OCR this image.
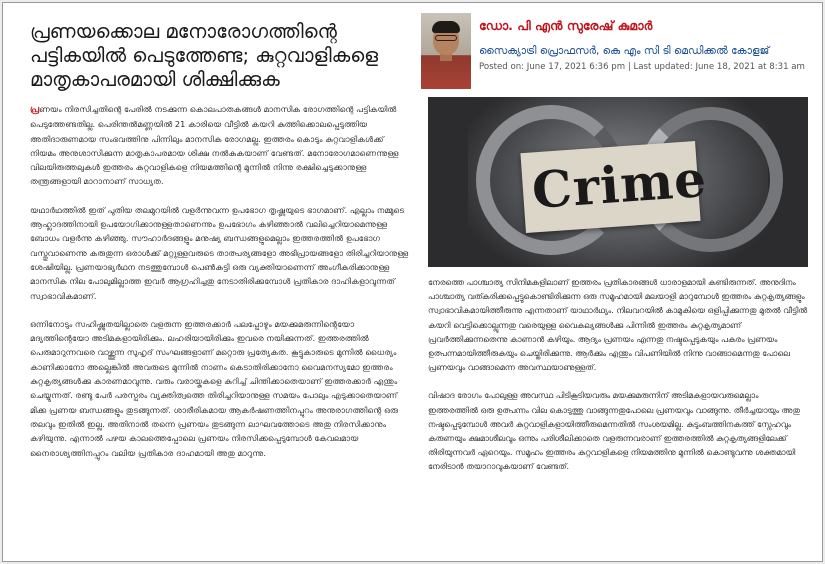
പ്രണയക്കൊല മനോരോഗത്തിന്റെ പട്ടികയിൽ പെടുത്തേണ്ട; കുറ്റവാളികളെ മാതൃകാപരമായി ശിക്ഷിക്കുക
ഡോ. പി എൻ സുരേഷ് കുമാർ
സൈക്യാട്രി പ്രൊഫസർ, കെ എം സി ടി മെഡിക്കൽ കോളജ്
Posted on: June 17, 2021 6:36 pm | Last updated: June 18, 2021 at 8:31 am

പ്രണയം നിരസിച്ചതിന്റെ പേരിൽ നടക്കുന്ന കൊലപാതകങ്ങൾ മാനസിക രോഗത്തിന്റെ പട്ടികയിൽ പെടുത്തേണ്ടതില്ല. പെരിന്തൽമണ്ണയിൽ 21 കാരിയെ വീട്ടിൽ കയറി കുത്തിക്കൊലപ്പെടുത്തിയ അതിദാരുണമായ സംഭവത്തിനു പിന്നിലും മാനസിക രോഗമല്ല. ഇത്തരം കൊടും കുറ്റവാളികൾക്ക് നിയമം അനുശാസിക്കുന്ന മാതൃകാപരമായ ശിക്ഷ നൽകുകയാണ് വേണ്ടത്. മനോരോഗമാണെന്നുള്ള വിലയിരുത്തലുകൾ ഇത്തരം കുറ്റവാളികളെ നിയമത്തിന്റെ മുന്നിൽ നിന്നു രക്ഷിച്ചെടുക്കാനുള്ള തന്ത്രങ്ങളായി മാറാനാണ് സാധ്യത.

യഥാർഥത്തിൽ ഇത് പുതിയ തലമുറയിൽ വളർന്നുവന്ന ഉപഭോഗ തൃഷ്ണയുടെ ഭാഗമാണ്. എല്ലാം നമ്മുടെ ആഹ്ലാദത്തിനായി ഉപയോഗിക്കാനുള്ളതാണെന്നും ഉപഭോഗം കഴിഞ്ഞാൽ വലിച്ചെറിയാമെന്നുള്ള ബോധം വളർന്നു കഴിഞ്ഞു. സൗഹാർദങ്ങളും മനുഷ്യ ബന്ധങ്ങളുമെല്ലാം ഇത്തരത്തിൽ ഉപഭോഗ വസ്തുവാണെന്നു കരുതുന്ന ഒരാൾക്ക് മറ്റുള്ളവരുടെ താത്പര്യങ്ങളോ അഭിപ്രായങ്ങളോ തിരിച്ചറിയാനുള്ള ശേഷിയില്ല. പ്രണയാഭ്യർഥന നടത്തുമ്പോൾ പെൺകുട്ടി ഒരു വ്യക്തിയാണെന്ന് അംഗീകരിക്കാനുള്ള മാനസിക നില പോലുമില്ലാത്ത ഇവർ ആഗ്രഹിച്ചതു നേടാതിരിക്കുമ്പോൾ പ്രതികാര ദാഹികളാവുന്നത് സ്വാഭാവികമാണ്.

ഒന്നിനോടും സഹിഷ്ണുതയില്ലാതെ വളരുന്ന ഇത്തരക്കാർ പലപ്പോഴും മയക്കുമരുന്നിന്റെയോ മദ്യത്തിന്റെയോ അടിമകളായിരിക്കും. ലഹരിയായിരിക്കും ഇവരെ നയിക്കുന്നത്. ഇത്തരത്തിൽ പെരുമാറുന്നവരെ വാഴ്ത്തുന്ന സുഹൃദ് സംഘങ്ങളാണ് മറ്റൊരു പ്രത്യേകത. കൂട്ടുകാരുടെ മുന്നിൽ ധൈര്യം കാണിക്കാനോ അല്ലെങ്കിൽ അവരുടെ മുന്നിൽ നാണം കെടാതിരിക്കാനോ വൈമനസ്യമോ ഇത്തരം കുറ്റകൃത്യങ്ങൾക്കു കാരണമാവുന്നു. വരും വരായ്കകളെ കുറിച്ച് ചിന്തിക്കാതെയാണ് ഇത്തരക്കാർ എന്തും ചെയ്യുന്നത്. രണ്ടു പേർ പരസ്പരം വ്യക്തിത്വത്തെ തിരിച്ചറിയാനുള്ള സമയം പോലും എടുക്കാതെയാണ് മിക്ക പ്രണയ ബന്ധങ്ങളും തുടങ്ങുന്നത്. ശാരീരികമായ ആകർഷണത്തിനപ്പുറം അനുരാഗത്തിന്റെ ഒരു തലവും ഇതിൽ ഇല്ല. അതിനാൽ തന്നെ പ്രണയം തുടങ്ങുന്ന ലാഘവത്തോടെ അതു നിരസിക്കാനും കഴിയുന്നു. എന്നാൽ പഴയ കാലത്തെപ്പോലെ പ്രണയം നിരസിക്കപ്പെടുമ്പോൾ കേവലമായ നൈരാശ്യത്തിനപ്പുറം വലിയ പ്രതികാര ദാഹമായി അതു മാറുന്നു.

Crime

നേരത്തെ പാശ്ചാത്യ സിനിമകളിലാണ് ഇത്തരം പ്രതികാരങ്ങൾ ധാരാളമായി കണ്ടിരുന്നത്. അനുദിനം പാശ്ചാത്യ വത്കരിക്കപ്പെട്ടുകൊണ്ടിരിക്കുന്ന ഒരു സമൂഹമായി മലയാളി മാറുമ്പോൾ ഇത്തരം കുറ്റകൃത്യങ്ങളും സ്വാഭാവികമായിത്തീരുന്നു എന്നതാണ് യാഥാർഥ്യം. നിലവറയിൽ കാമുകിയെ ഒളിപ്പിക്കുന്നതു മുതൽ വീട്ടിൽ കയറി വെട്ടിക്കൊല്ലുന്നതു വരെയുള്ള വൈകല്യങ്ങൾക്കു പിന്നിൽ ഇത്തരം കുറ്റകൃത്യമാണ് പ്രവർത്തിക്കുന്നതെന്നു കാണാൻ കഴിയും. ആദ്യം പ്രണയം എന്നതു നഷ്ടപ്പെടുകയും പകരം പ്രണയം ഉത്പന്നമായിത്തീരുകയും ചെയ്തിരിക്കുന്നു. ആർക്കും എന്തും വിപണിയിൽ നിന്നു വാങ്ങാമെന്നതു പോലെ പ്രണയവും വാങ്ങാമെന്ന അവസ്ഥയാണുള്ളത്.

വിഷാദ രോഗം പോലുള്ള അവസ്ഥ പിടികൂടിയവരും മയക്കുമരുന്നിന് അടിമകളായവരുമെല്ലാം ഇത്തരത്തിൽ ഒരു ഉത്പന്നം വില കൊടുത്തു വാങ്ങുന്നതുപോലെ പ്രണയവും വാങ്ങുന്നു. തീർച്ചയായും അതു നഷ്ടപ്പെടുമ്പോൾ അവർ കുറ്റവാളികളായിത്തീരുമെന്നതിൽ സംശയമില്ല. കുടുംബത്തിനകത്ത് സ്നേഹവും കരുണയും ക്ഷമാശീലവും ഒന്നും പരിശീലിക്കാതെ വളരുന്നവരാണ് ഇത്തരത്തിൽ കുറ്റകൃത്യങ്ങളിലേക്ക് തിരിയുന്നവർ ഏറെയും. സമൂഹം ഇത്തരം കുറ്റവാളികളെ നിയമത്തിനു മുന്നിൽ കൊണ്ടുവന്നു ശക്തമായി നേരിടാൻ തയാറാവുകയാണ് വേണ്ടത്.
